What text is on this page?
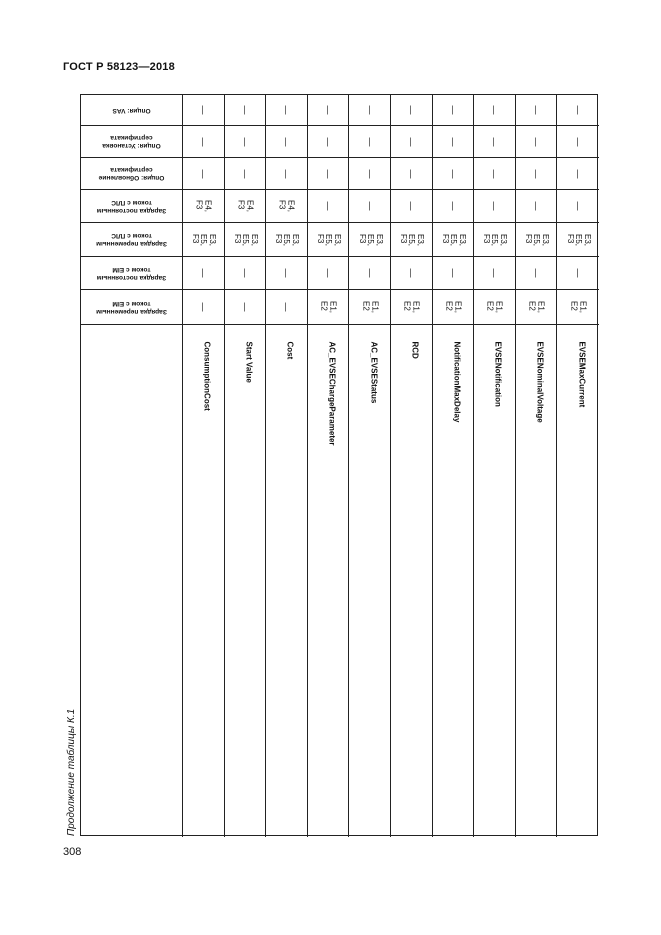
ГОСТ Р 58123—2018
Продолжение таблицы К.1
308
Опция: VAS	—	—	—	—	—	—	—	—	—	—
Опция: Установка сертификата	—	—	—	—	—	—	—	—	—	—
Опция: Обновление сертификата	—	—	—	—	—	—	—	—	—	—
Зарядка постоянным током с ПЛС	E4,
F3	E4,
F3	E4,
F3	—	—	—	—	—	—	—
Зарядка переменным током с ПЛС	E3,
E5,
F3	E3,
E5,
F3	E3,
E5,
F3	E3,
E5,
F3	E3,
E5,
F3	E3,
E5,
F3	E3,
E5,
F3	E3,
E5,
F3	E3,
E5,
F3	E3,
E5,
F3
Зарядка постоянным током с EIM	—	—	—	—	—	—	—	—	—	—
Зарядка переменным током с EIM	—	—	—	E1,
E2	E1,
E2	E1,
E2	E1,
E2	E1,
E2	E1,
E2	E1,
E2
ConsumptionCost	Start Value	Cost	AC_EVSEChargeParameter	AC_EVSEStatus	RCD	NotificationMaxDelay	EVSENotification	EVSENominalVoltage	EVSEMaxCurrent
